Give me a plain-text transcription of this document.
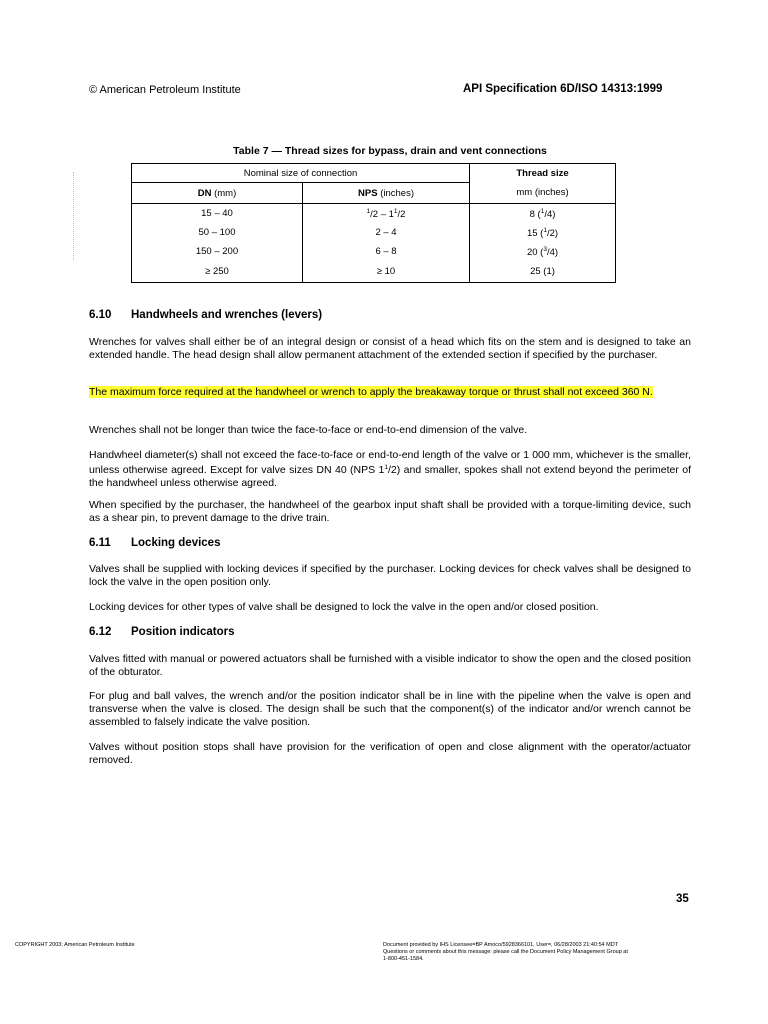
© American Petroleum Institute	API Specification 6D/ISO 14313:1999
Table 7 — Thread sizes for bypass, drain and vent connections
Nominal size of connection		Thread size
DN (mm)	NPS (inches)	mm (inches)
15 – 40	$^1/2 - 1^1/2$	8 ($^1$/4)
50 – 100	2 – 4	15 ($^1$/2)
150 – 200	6 – 8	20 ($^3$/4)
≥ 250	≥ 10	25 (1)
6.10 Handwheels and wrenches (levers)
Wrenches for valves shall either be of an integral design or consist of a head which fits on the stem and is designed to take an extended handle. The head design shall allow permanent attachment of the extended section if specified by the purchaser.
The maximum force required at the handwheel or wrench to apply the breakaway torque or thrust shall not exceed 360 N.
Wrenches shall not be longer than twice the face-to-face or end-to-end dimension of the valve.
Handwheel diameter(s) shall not exceed the face-to-face or end-to-end length of the valve or 1 000 mm, whichever is the smaller, unless otherwise agreed. Except for valve sizes DN 40 (NPS $1^1/2$) and smaller, spokes shall not extend beyond the perimeter of the handwheel unless otherwise agreed.
When specified by the purchaser, the handwheel of the gearbox input shaft shall be provided with a torque-limiting device, such as a shear pin, to prevent damage to the drive train.
6.11 Locking devices
Valves shall be supplied with locking devices if specified by the purchaser. Locking devices for check valves shall be designed to lock the valve in the open position only.
Locking devices for other types of valve shall be designed to lock the valve in the open and/or closed position.
6.12 Position indicators
Valves fitted with manual or powered actuators shall be furnished with a visible indicator to show the open and the closed position of the obturator.
For plug and ball valves, the wrench and/or the position indicator shall be in line with the pipeline when the valve is open and transverse when the valve is closed. The design shall be such that the component(s) of the indicator and/or wrench cannot be assembled to falsely indicate the valve position.
Valves without position stops shall have provision for the verification of open and close alignment with the operator/actuator removed.
35
COPYRIGHT 2003; American Petroleum Institute	Document provided by IHS Licensee=BP Amoco/5928366101, User=, 06/28/2003 21:40:54 MDT Questions or comments about this message: please call the Document Policy Management Group at 1-800-451-1584.
